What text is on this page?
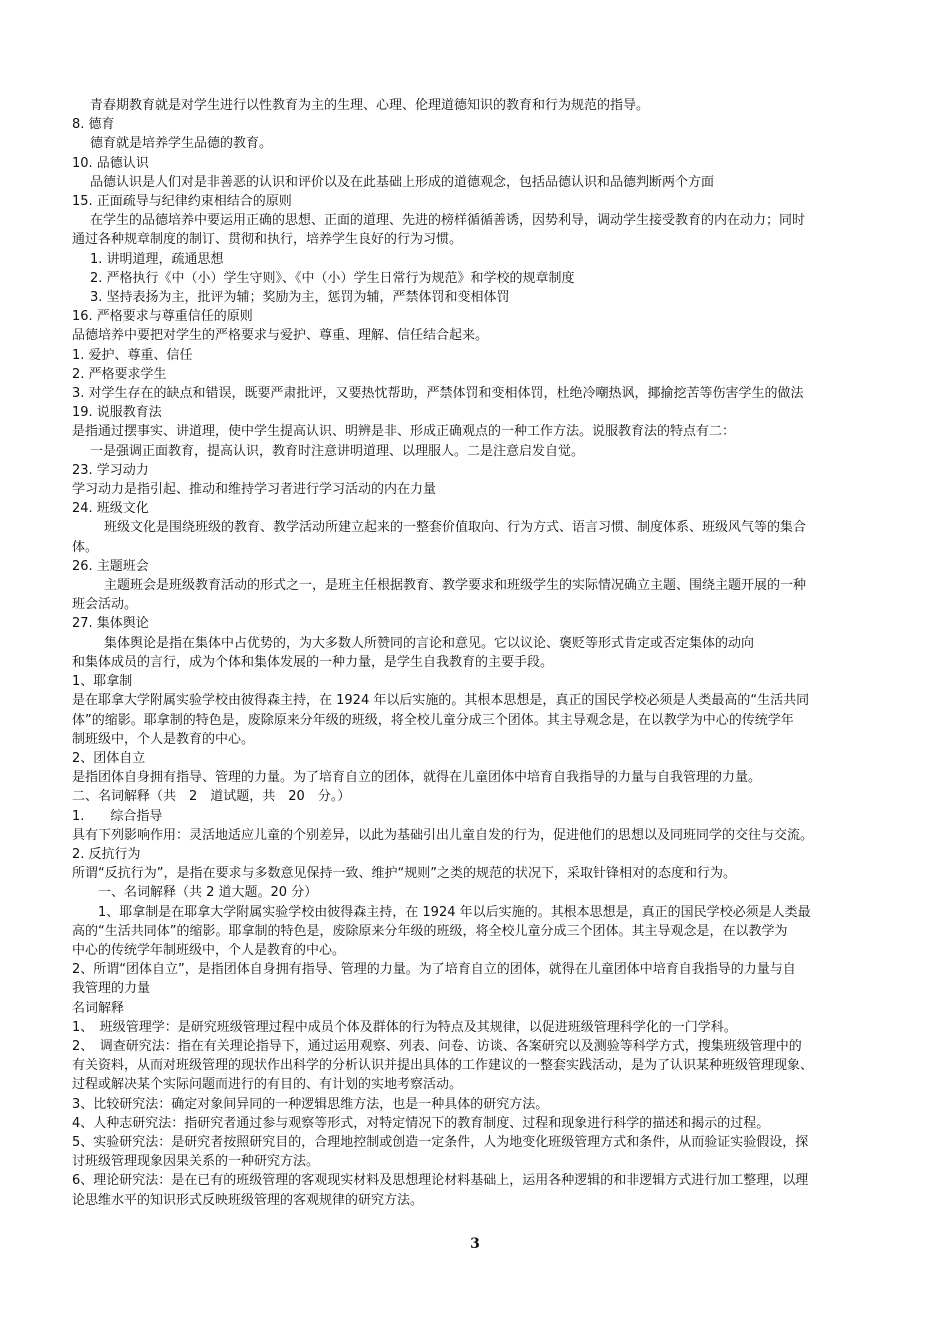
青春期教育就是对学生进行以性教育为主的生理、心理、伦理道德知识的教育和行为规范的指导。
8. 德育
德育就是培养学生品德的教育。
10. 品德认识
品德认识是人们对是非善恶的认识和评价以及在此基础上形成的道德观念，包括品德认识和品德判断两个方面
15. 正面疏导与纪律约束相结合的原则
在学生的品德培养中要运用正确的思想、正面的道理、先进的榜样循循善诱，因势利导，调动学生接受教育的内在动力；同时
通过各种规章制度的制订、贯彻和执行，培养学生良好的行为习惯。
1. 讲明道理，疏通思想
2. 严格执行《中（小）学生守则》、《中（小）学生日常行为规范》和学校的规章制度
3. 坚持表扬为主，批评为辅；奖励为主，惩罚为辅，严禁体罚和变相体罚
16. 严格要求与尊重信任的原则
品德培养中要把对学生的严格要求与爱护、尊重、理解、信任结合起来。
1. 爱护、尊重、信任
2. 严格要求学生
3. 对学生存在的缺点和错误，既要严肃批评，又要热忱帮助，严禁体罚和变相体罚，杜绝冷嘲热讽，揶揄挖苦等伤害学生的做法
19. 说服教育法
是指通过摆事实、讲道理，使中学生提高认识、明辨是非、形成正确观点的一种工作方法。说服教育法的特点有二：
一是强调正面教育，提高认识，教育时注意讲明道理、以理服人。二是注意启发自觉。
23. 学习动力
学习动力是指引起、推动和维持学习者进行学习活动的内在力量
24. 班级文化
班级文化是围绕班级的教育、教学活动所建立起来的一整套价值取向、行为方式、语言习惯、制度体系、班级风气等的集合
体。
26. 主题班会
主题班会是班级教育活动的形式之一，是班主任根据教育、教学要求和班级学生的实际情况确立主题、围绕主题开展的一种
班会活动。
27. 集体舆论
集体舆论是指在集体中占优势的，为大多数人所赞同的言论和意见。它以议论、褒贬等形式肯定或否定集体的动向
和集体成员的言行，成为个体和集体发展的一种力量，是学生自我教育的主要手段。
1、耶拿制
是在耶拿大学附属实验学校由彼得森主持，在 1924 年以后实施的。其根本思想是，真正的国民学校必须是人类最高的“生活共同
体”的缩影。耶拿制的特色是，废除原来分年级的班级，将全校儿童分成三个团体。其主导观念是，在以教学为中心的传统学年
制班级中，个人是教育的中心。
2、团体自立
是指团体自身拥有指导、管理的力量。为了培育自立的团体，就得在儿童团体中培育自我指导的力量与自我管理的力量。
二、名词解释（共　2　道试题，共　20　分。）
1.　　综合指导
具有下列影响作用：灵活地适应儿童的个别差异，以此为基础引出儿童自发的行为，促进他们的思想以及同班同学的交往与交流。
2. 反抗行为
所谓“反抗行为”，是指在要求与多数意见保持一致、维护“规则”之类的规范的状况下，采取针锋相对的态度和行为。
　　一、名词解释（共 2 道大题。20 分）
　　1、耶拿制是在耶拿大学附属实验学校由彼得森主持，在 1924 年以后实施的。其根本思想是，真正的国民学校必须是人类最
高的“生活共同体”的缩影。耶拿制的特色是，废除原来分年级的班级，将全校儿童分成三个团体。其主导观念是，在以教学为
中心的传统学年制班级中，个人是教育的中心。
2、所谓“团体自立”，是指团体自身拥有指导、管理的力量。为了培育自立的团体，就得在儿童团体中培育自我指导的力量与自
我管理的力量
名词解释
1、　班级管理学：是研究班级管理过程中成员个体及群体的行为特点及其规律，以促进班级管理科学化的一门学科。
2、　调查研究法：指在有关理论指导下，通过运用观察、列表、问卷、访谈、各案研究以及测验等科学方式，搜集班级管理中的
有关资料，从而对班级管理的现状作出科学的分析认识并提出具体的工作建议的一整套实践活动，是为了认识某种班级管理现象、
过程或解决某个实际问题而进行的有目的、有计划的实地考察活动。
3、比较研究法：确定对象间异同的一种逻辑思维方法，也是一种具体的研究方法。
4、人种志研究法：指研究者通过参与观察等形式，对特定情况下的教育制度、过程和现象进行科学的描述和揭示的过程。
5、实验研究法：是研究者按照研究目的，合理地控制或创造一定条件，人为地变化班级管理方式和条件，从而验证实验假设，探
讨班级管理现象因果关系的一种研究方法。
6、理论研究法：是在已有的班级管理的客观现实材料及思想理论材料基础上，运用各种逻辑的和非逻辑方式进行加工整理，以理
论思维水平的知识形式反映班级管理的客观规律的研究方法。
3
